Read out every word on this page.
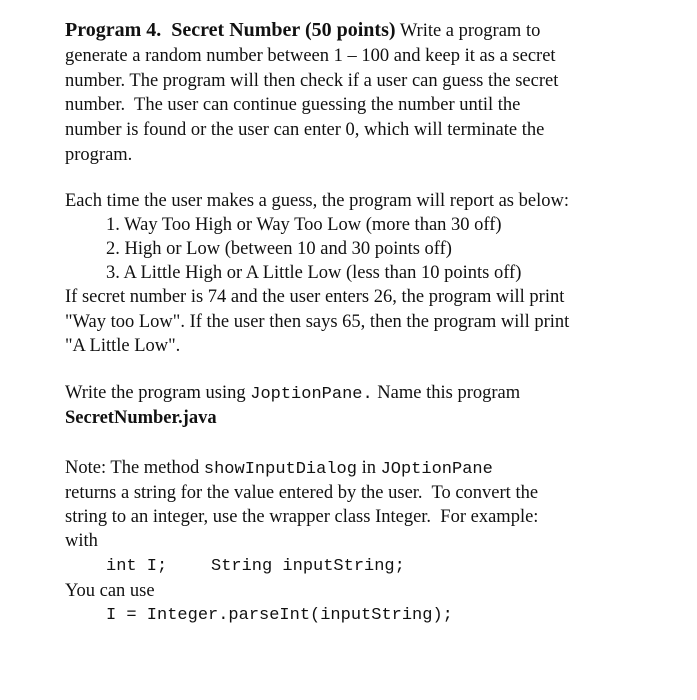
Program 4.  Secret Number (50 points) Write a program to
generate a random number between 1 – 100 and keep it as a secret
number. The program will then check if a user can guess the secret
number.  The user can continue guessing the number until the
number is found or the user can enter 0, which will terminate the
program.
Each time the user makes a guess, the program will report as below:
1. Way Too High or Way Too Low (more than 30 off)
2. High or Low (between 10 and 30 points off)
3. A Little High or A Little Low (less than 10 points off)
If secret number is 74 and the user enters 26, the program will print
"Way too Low". If the user then says 65, then the program will print
"A Little Low".
Write the program using JoptionPane. Name this program
SecretNumber.java
Note: The method showInputDialog in JOptionPane
returns a string for the value entered by the user.  To convert the
string to an integer, use the wrapper class Integer.  For example:
with
int I;	String inputString;
You can use
I = Integer.parseInt(inputString);
